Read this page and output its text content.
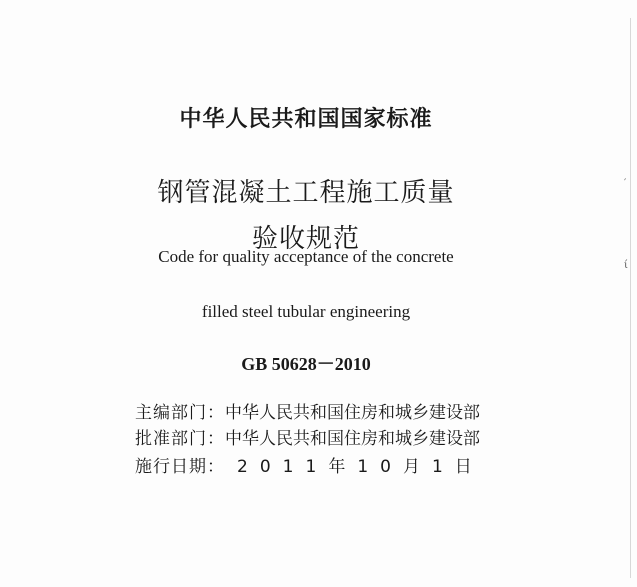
′
ί
中华人民共和国国家标准
钢管混凝土工程施工质量
验收规范
Code for quality acceptance of the concrete
filled steel tubular engineering
GB 50628－2010
主编部门：中华人民共和国住房和城乡建设部
批准部门：中华人民共和国住房和城乡建设部
施行日期： 2 0 1 1 年 1 0 月 1 日
